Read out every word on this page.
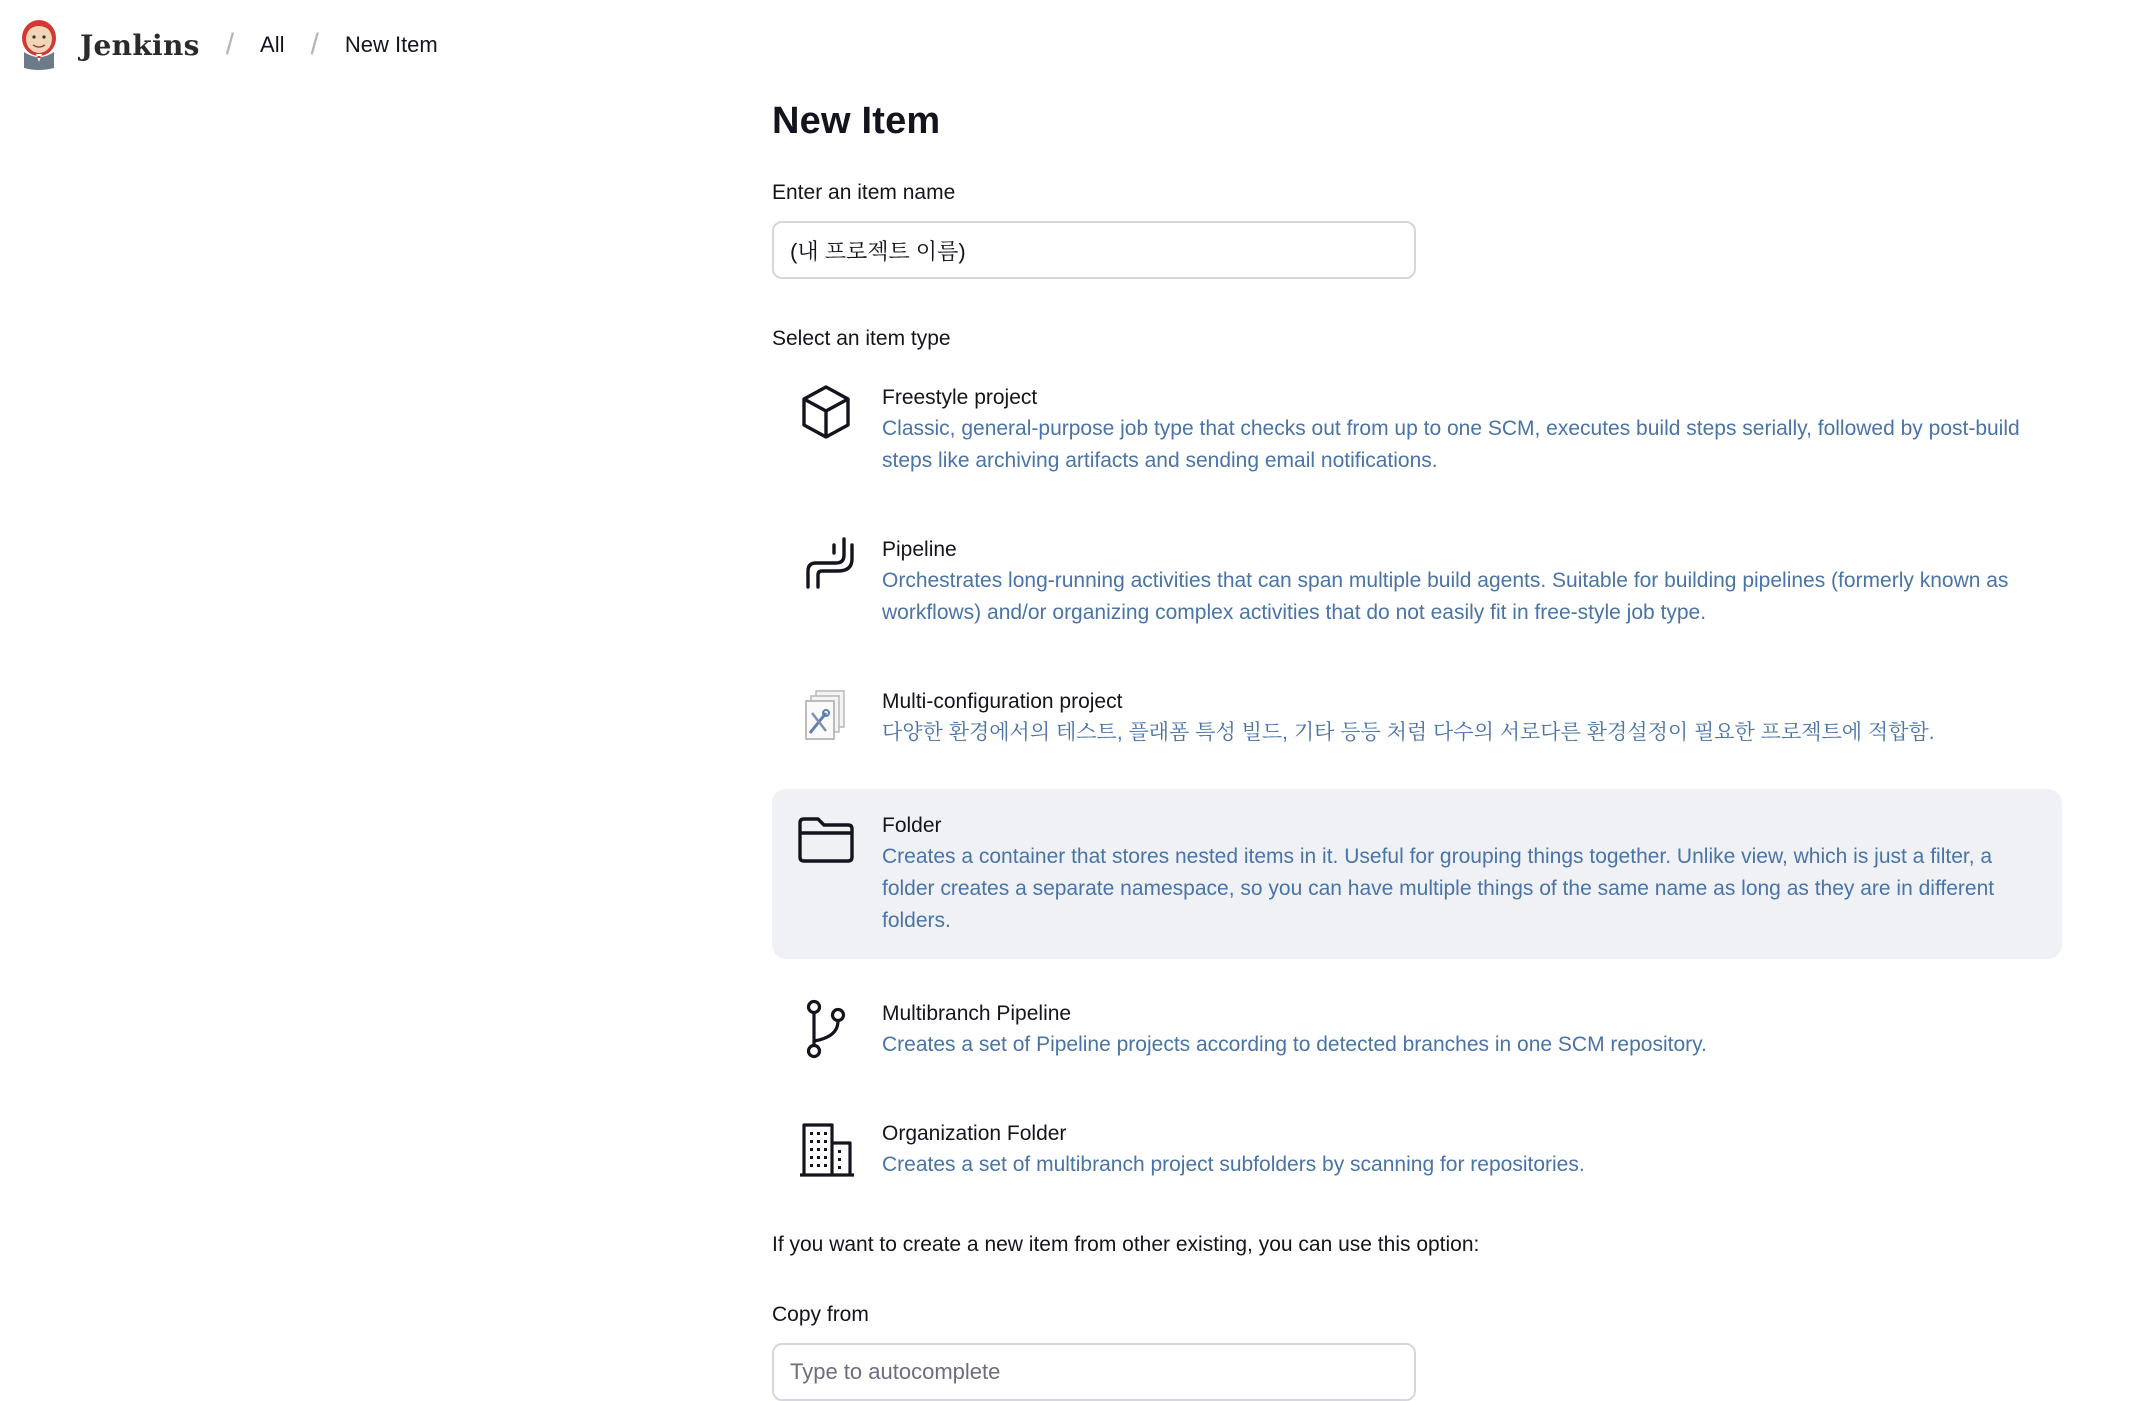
Jenkins / All / New Item
New Item
Enter an item name
(내 프로젝트 이름)
Select an item type
Freestyle project
Classic, general-purpose job type that checks out from up to one SCM, executes build steps serially, followed by post-build steps like archiving artifacts and sending email notifications.
Pipeline
Orchestrates long-running activities that can span multiple build agents. Suitable for building pipelines (formerly known as workflows) and/or organizing complex activities that do not easily fit in free-style job type.
Multi-configuration project
다양한 환경에서의 테스트, 플래폼 특성 빌드, 기타 등등 처럼 다수의 서로다른 환경설정이 필요한 프로젝트에 적합함.
Folder
Creates a container that stores nested items in it. Useful for grouping things together. Unlike view, which is just a filter, a folder creates a separate namespace, so you can have multiple things of the same name as long as they are in different folders.
Multibranch Pipeline
Creates a set of Pipeline projects according to detected branches in one SCM repository.
Organization Folder
Creates a set of multibranch project subfolders by scanning for repositories.
If you want to create a new item from other existing, you can use this option:
Copy from
Type to autocomplete
